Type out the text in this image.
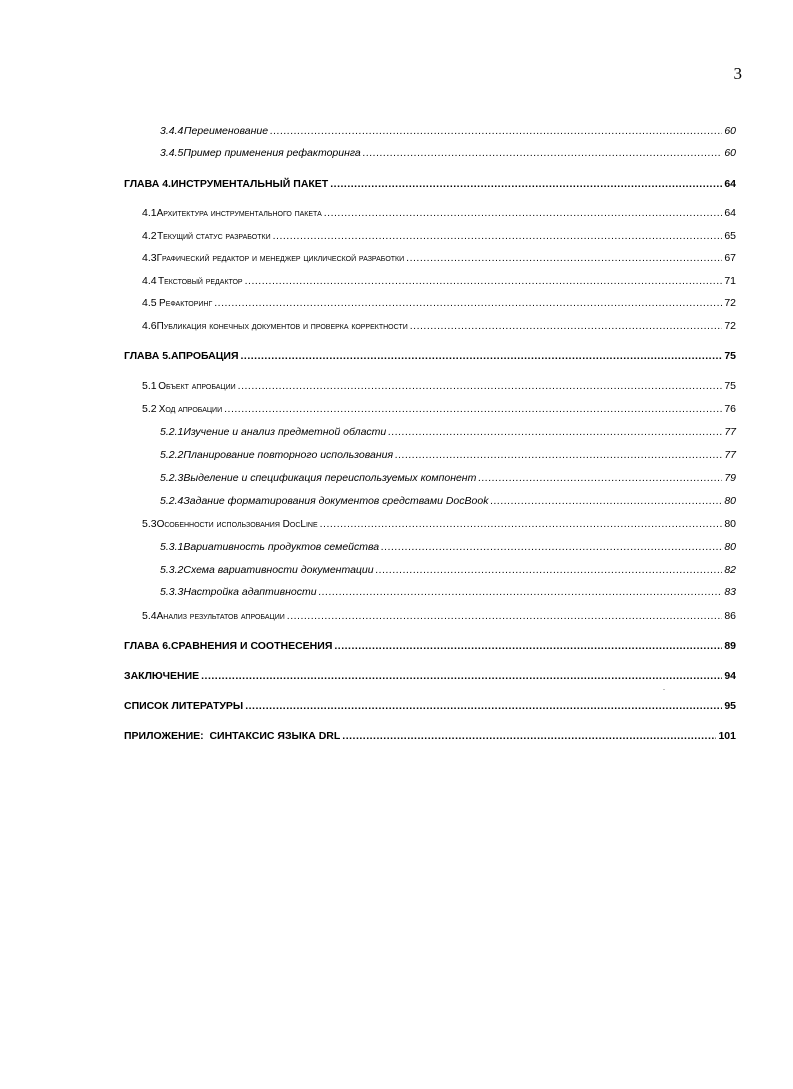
3
3.4.4 Переименование .....	60
3.4.5 Пример применения рефакторинга .....	60
ГЛАВА 4. ИНСТРУМЕНТАЛЬНЫЙ ПАКЕТ .....	64
4.1 Архитектура инструментального пакета .....	64
4.2 Текущий статус разработки .....	65
4.3 Графический редактор и менеджер циклической разработки .....	67
4.4 Текстовый редактор .....	71
4.5 Рефакторинг .....	72
4.6 Публикация конечных документов и проверка корректности .....	72
ГЛАВА 5. АПРОБАЦИЯ .....	75
5.1 Объект апробации .....	75
5.2 Ход апробации .....	76
5.2.1 Изучение и анализ предметной области .....	77
5.2.2 Планирование повторного использования .....	77
5.2.3 Выделение и спецификация переиспользуемых компонент .....	79
5.2.4 Задание форматирования документов средствами DocBook .....	80
5.3 Особенности использования DocLine .....	80
5.3.1 Вариативность продуктов семейства .....	80
5.3.2 Схема вариативности документации .....	82
5.3.3 Настройка адаптивности .....	83
5.4 Анализ результатов апробации .....	86
ГЛАВА 6. СРАВНЕНИЯ И СООТНЕСЕНИЯ .....	89
ЗАКЛЮЧЕНИЕ .....	94
СПИСОК ЛИТЕРАТУРЫ .....	95
ПРИЛОЖЕНИЕ:  СИНТАКСИС ЯЗЫКА DRL .....	101
